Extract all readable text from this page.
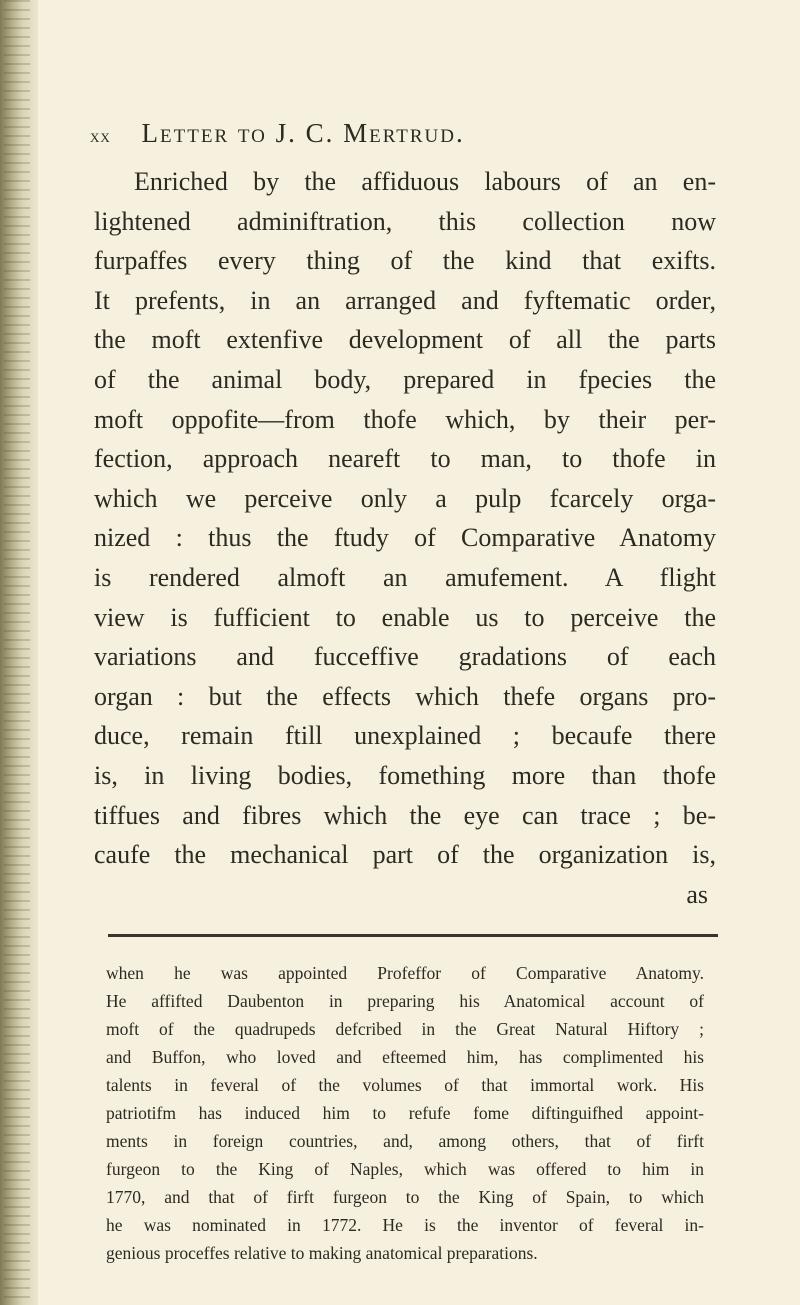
xx Letter to J. C. Mertrud.
Enriched by the affiduous labours of an en-
lightened adminiftration, this collection now
furpaffes every thing of the kind that exifts.
It prefents, in an arranged and fyftematic order,
the moft extenfive development of all the parts
of the animal body, prepared in fpecies the
moft oppofite—from thofe which, by their per-
fection, approach neareft to man, to thofe in
which we perceive only a pulp fcarcely orga-
nized : thus the ftudy of Comparative Anatomy
is rendered almoft an amufement. A flight
view is fufficient to enable us to perceive the
variations and fucceffive gradations of each
organ : but the effects which thefe organs pro-
duce, remain ftill unexplained ; becaufe there
is, in living bodies, fomething more than thofe
tiffues and fibres which the eye can trace ; be-
caufe the mechanical part of the organization is,
as
when he was appointed Profeffor of Comparative Anatomy.
He affifted Daubenton in preparing his Anatomical account of
moft of the quadrupeds defcribed in the Great Natural Hiftory ;
and Buffon, who loved and efteemed him, has complimented his
talents in feveral of the volumes of that immortal work. His
patriotifm has induced him to refufe fome diftinguifhed appoint-
ments in foreign countries, and, among others, that of firft
furgeon to the King of Naples, which was offered to him in
1770, and that of firft furgeon to the King of Spain, to which
he was nominated in 1772. He is the inventor of feveral in-
genious proceffes relative to making anatomical preparations.
